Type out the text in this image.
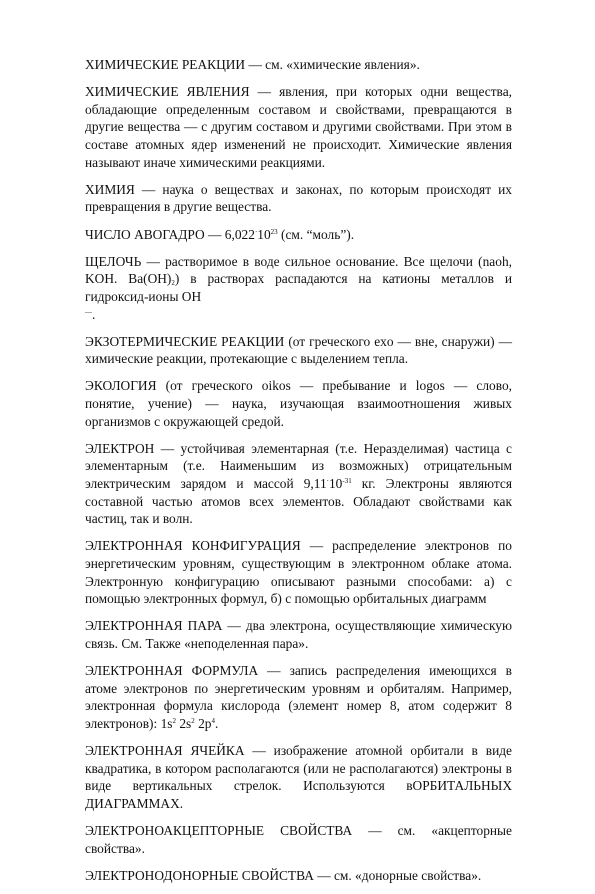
ХИМИЧЕСКИЕ РЕАКЦИИ — см. «химические явления».

ХИМИЧЕСКИЕ ЯВЛЕНИЯ — явления, при которых одни вещества, обладающие определенным составом и свойствами, превращаются в другие вещества — с другим составом и другими свойствами. При этом в составе атомных ядер изменений не происходит. Химические явления называют иначе химическими реакциями.

ХИМИЯ — наука о веществах и законах, по которым происходят их превращения в другие вещества.

ЧИСЛО АВОГАДРО — $6,022^\cdot 10^{23}$ (см. “моль”).

ЩЕЛОЧЬ — растворимое в воде сильное основание. Все щелочи (naoh, KOH. $Ba(OH)_2$) в растворах распадаются на катионы металлов и гидроксид-ионы ОН
—.

ЭКЗОТЕРМИЧЕСКИЕ РЕАКЦИИ (от греческого exo — вне, снаружи) — химические реакции, протекающие с выделением тепла.

ЭКОЛОГИЯ (от греческого oikos — пребывание и logos — слово, понятие, учение) — наука, изучающая взаимоотношения живых организмов с окружающей средой.

ЭЛЕКТРОН — устойчивая элементарная (т.е. Неразделимая) частица с элементарным (т.е. Наименьшим из возможных) отрицательным электрическим зарядом и массой $9,11^\cdot 10^{-31}$ кг. Электроны являются составной частью атомов всех элементов. Обладают свойствами как частиц, так и волн.

ЭЛЕКТРОННАЯ КОНФИГУРАЦИЯ — распределение электронов по энергетическим уровням, существующим в электронном облаке атома. Электронную конфигурацию описывают разными способами: а) с помощью электронных формул, б) с помощью орбитальных диаграмм

ЭЛЕКТРОННАЯ ПАРА — два электрона, осуществляющие химическую связь. См. Также «неподеленная пара».

ЭЛЕКТРОННАЯ ФОРМУЛА — запись распределения имеющихся в атоме электронов по энергетическим уровням и орбиталям. Например, электронная формула кислорода (элемент номер 8, атом содержит 8 электронов): $1s^2$ $2s^2$ $2p^4$.

ЭЛЕКТРОННАЯ ЯЧЕЙКА — изображение атомной орбитали в виде квадратика, в котором располагаются (или не располагаются) электроны в виде вертикальных стрелок. Используются вОРБИТАЛЬНЫХ ДИАГРАММАХ.

ЭЛЕКТРОНОАКЦЕПТОРНЫЕ СВОЙСТВА — см. «акцепторные свойства».

ЭЛЕКТРОНОДОНОРНЫЕ СВОЙСТВА — см. «донорные свойства».
